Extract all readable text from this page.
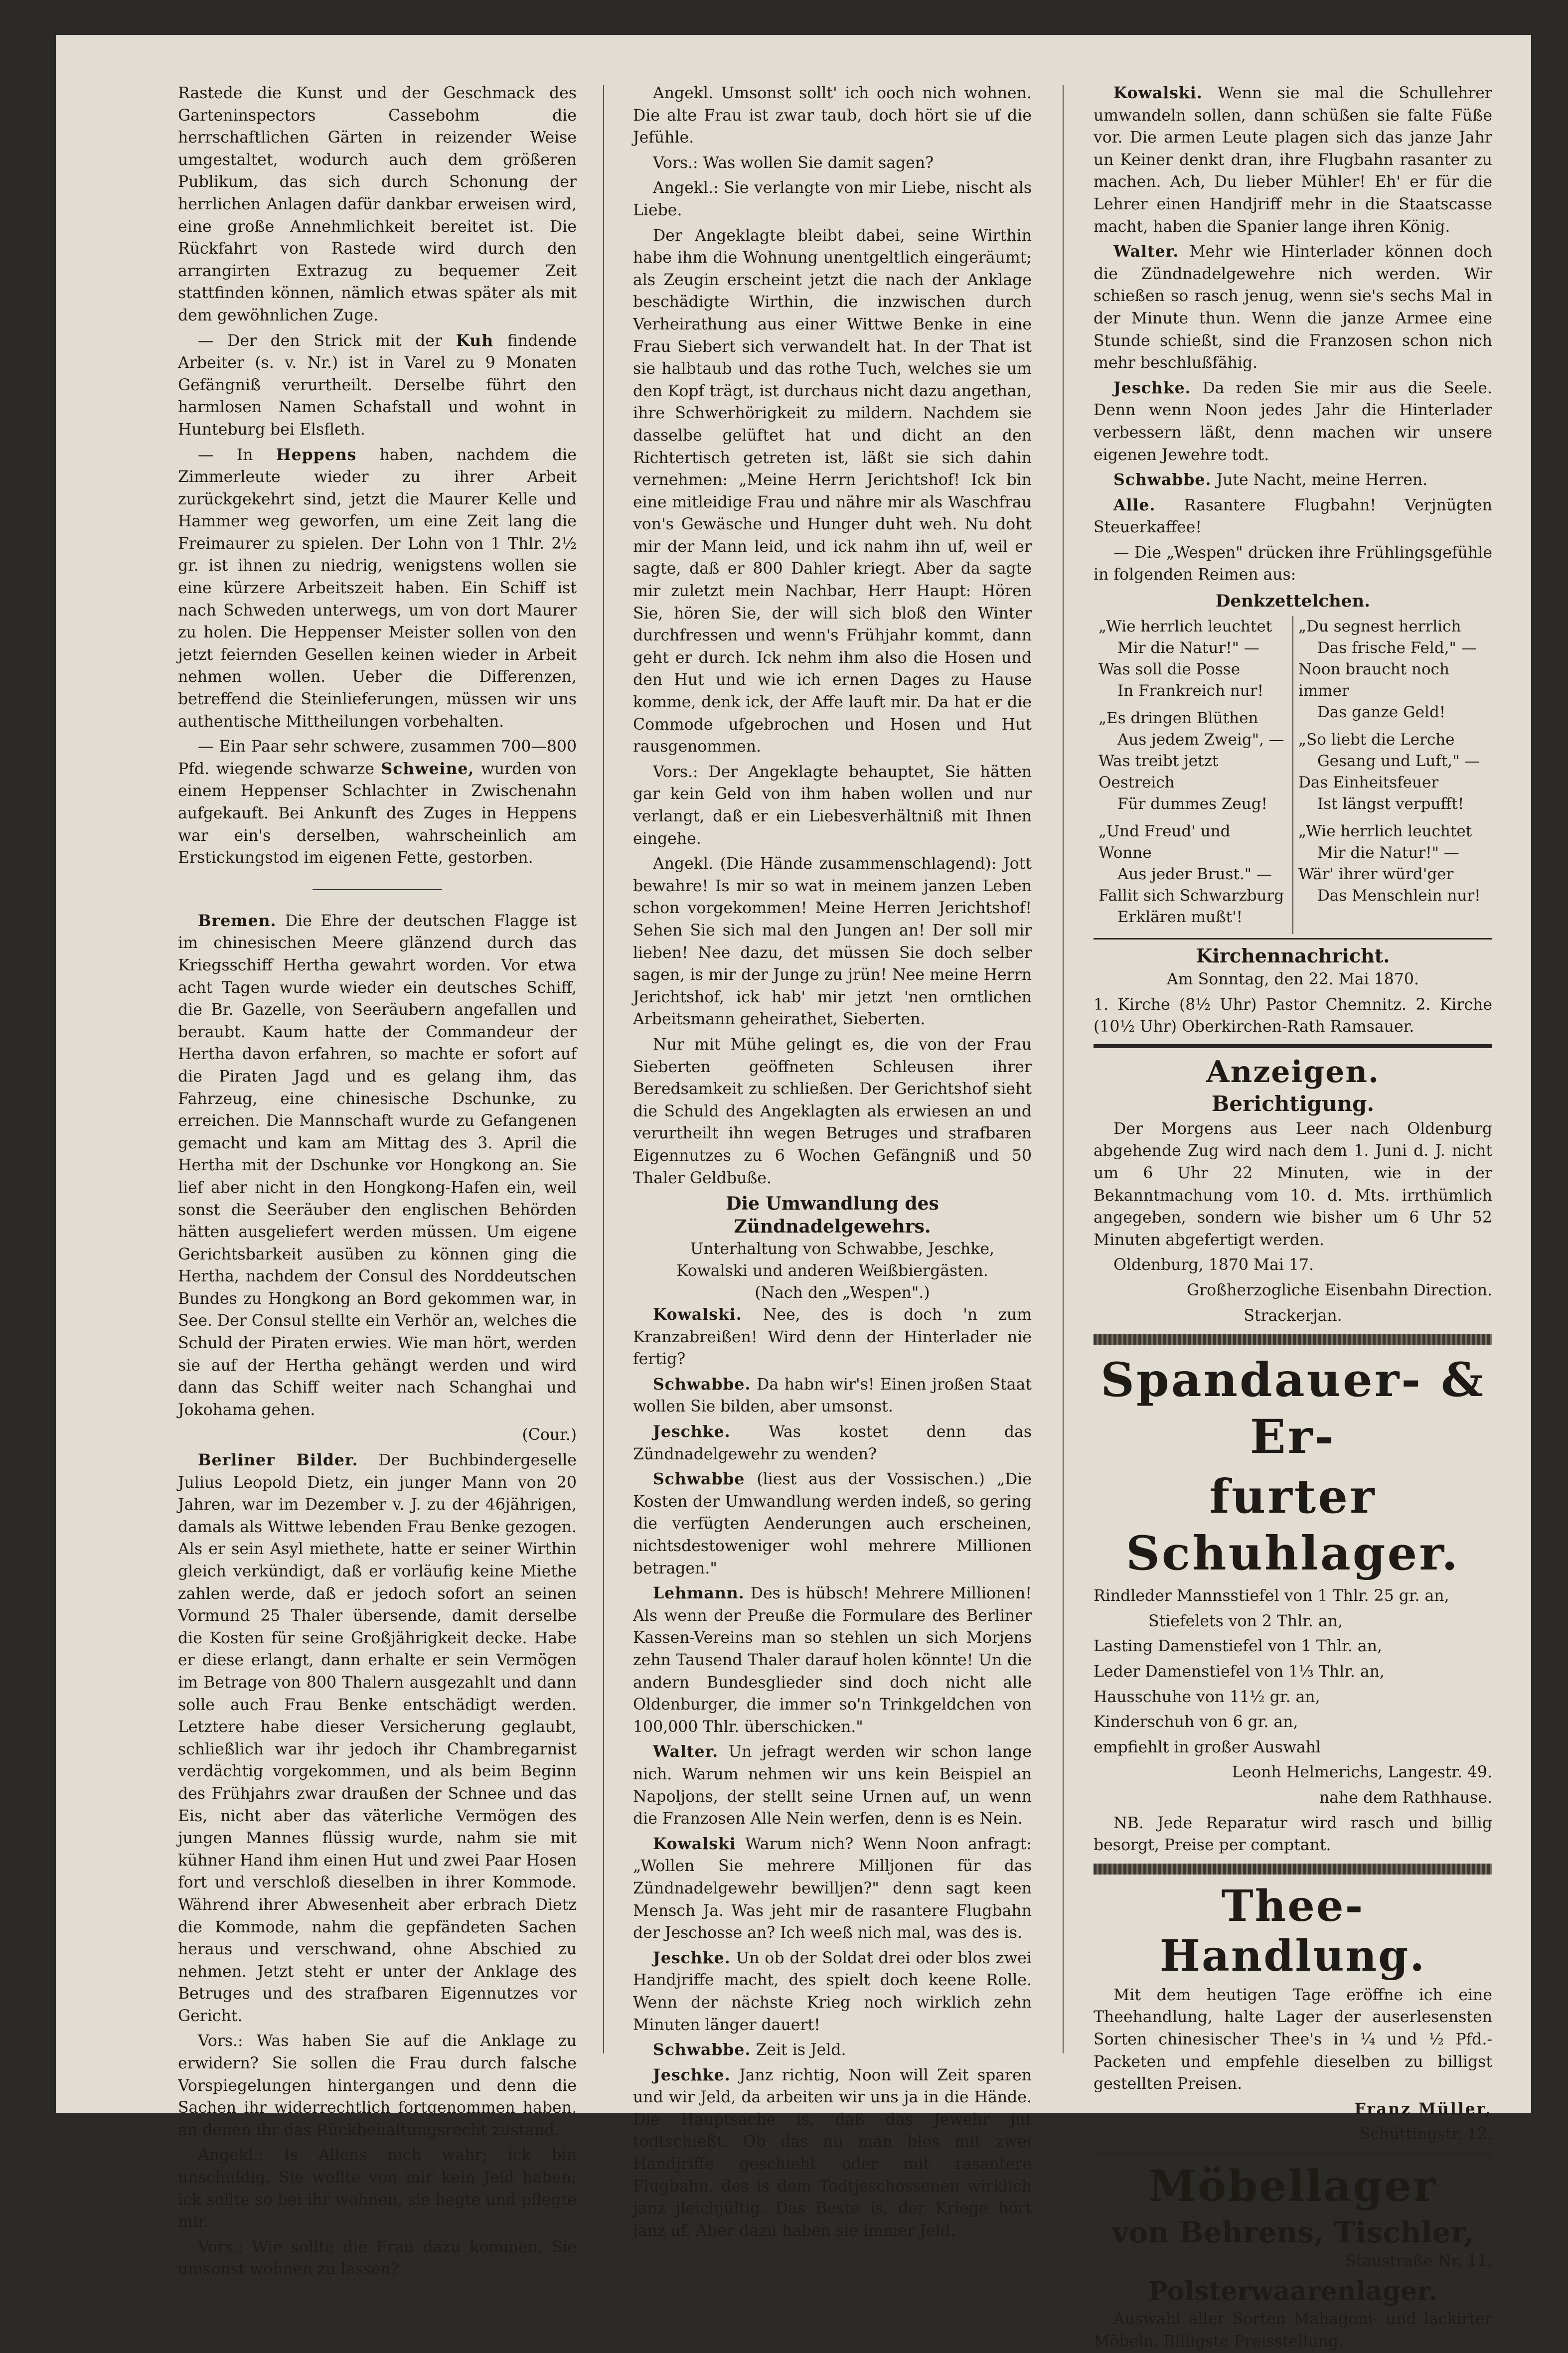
Rastede die Kunst und der Geschmack des Garteninspectors Cassebohm die herrschaftlichen Gärten in reizender Weise umgestaltet, wodurch auch dem größeren Publikum, das sich durch Schonung der herrlichen Anlagen dafür dankbar erweisen wird, eine große Annehmlichkeit bereitet ist. Die Rückfahrt von Rastede wird durch den arrangirten Extrazug zu bequemer Zeit stattfinden können, nämlich etwas später als mit dem gewöhnlichen Zuge.

— Der den Strick mit der Kuh findende Arbeiter (s. v. Nr.) ist in Varel zu 9 Monaten Gefängniß verurtheilt. Derselbe führt den harmlosen Namen Schafstall und wohnt in Hunteburg bei Elsfleth.

— In Heppens haben, nachdem die Zimmerleute wieder zu ihrer Arbeit zurückgekehrt sind, jetzt die Maurer Kelle und Hammer weg geworfen, um eine Zeit lang die Freimaurer zu spielen. Der Lohn von 1 Thlr. 2½ gr. ist ihnen zu niedrig, wenigstens wollen sie eine kürzere Arbeitszeit haben. Ein Schiff ist nach Schweden unterwegs, um von dort Maurer zu holen. Die Heppenser Meister sollen von den jetzt feiernden Gesellen keinen wieder in Arbeit nehmen wollen. Ueber die Differenzen, betreffend die Steinlieferungen, müssen wir uns authentische Mittheilungen vorbehalten.

— Ein Paar sehr schwere, zusammen 700—800 Pfd. wiegende schwarze Schweine, wurden von einem Heppenser Schlachter in Zwischenahn aufgekauft. Bei Ankunft des Zuges in Heppens war ein's derselben, wahrscheinlich am Erstickungstod im eigenen Fette, gestorben.

Bremen. Die Ehre der deutschen Flagge ist im chinesischen Meere glänzend durch das Kriegsschiff Hertha gewahrt worden. Vor etwa acht Tagen wurde wieder ein deutsches Schiff, die Br. Gazelle, von Seeräubern angefallen und beraubt. Kaum hatte der Commandeur der Hertha davon erfahren, so machte er sofort auf die Piraten Jagd und es gelang ihm, das Fahrzeug, eine chinesische Dschunke, zu erreichen. Die Mannschaft wurde zu Gefangenen gemacht und kam am Mittag des 3. April die Hertha mit der Dschunke vor Hongkong an. Sie lief aber nicht in den Hongkong-Hafen ein, weil sonst die Seeräuber den englischen Behörden hätten ausgeliefert werden müssen. Um eigene Gerichtsbarkeit ausüben zu können ging die Hertha, nachdem der Consul des Norddeutschen Bundes zu Hongkong an Bord gekommen war, in See. Der Consul stellte ein Verhör an, welches die Schuld der Piraten erwies. Wie man hört, werden sie auf der Hertha gehängt werden und wird dann das Schiff weiter nach Schanghai und Jokohama gehen.

(Cour.)

Berliner Bilder. Der Buchbindergeselle Julius Leopold Dietz, ein junger Mann von 20 Jahren, war im Dezember v. J. zu der 46jährigen, damals als Wittwe lebenden Frau Benke gezogen. Als er sein Asyl miethete, hatte er seiner Wirthin gleich verkündigt, daß er vorläufig keine Miethe zahlen werde, daß er jedoch sofort an seinen Vormund 25 Thaler übersende, damit derselbe die Kosten für seine Großjährigkeit decke. Habe er diese erlangt, dann erhalte er sein Vermögen im Betrage von 800 Thalern ausgezahlt und dann solle auch Frau Benke entschädigt werden. Letztere habe dieser Versicherung geglaubt, schließlich war ihr jedoch ihr Chambregarnist verdächtig vorgekommen, und als beim Beginn des Frühjahrs zwar draußen der Schnee und das Eis, nicht aber das väterliche Vermögen des jungen Mannes flüssig wurde, nahm sie mit kühner Hand ihm einen Hut und zwei Paar Hosen fort und verschloß dieselben in ihrer Kommode. Während ihrer Abwesenheit aber erbrach Dietz die Kommode, nahm die gepfändeten Sachen heraus und verschwand, ohne Abschied zu nehmen. Jetzt steht er unter der Anklage des Betruges und des strafbaren Eigennutzes vor Gericht.

Vors.: Was haben Sie auf die Anklage zu erwidern? Sie sollen die Frau durch falsche Vorspiegelungen hintergangen und denn die Sachen ihr widerrechtlich fortgenommen haben, an denen ihr das Rückbehaltungsrecht zustand.

Angekl.: Is Allens nich wahr; ick bin unschuldig. Sie wollte von mir kein Jeld haben; ick sollte so bei ihr wohnen, sie hegte und pflegte mir.

Vors.: Wie sollte die Frau dazu kommen, Sie umsonst wohnen zu lassen?

Angekl. Umsonst sollt' ich ooch nich wohnen. Die alte Frau ist zwar taub, doch hört sie uf die Jefühle.

Vors.: Was wollen Sie damit sagen?

Angekl.: Sie verlangte von mir Liebe, nischt als Liebe.

Der Angeklagte bleibt dabei, seine Wirthin habe ihm die Wohnung unentgeltlich eingeräumt; als Zeugin erscheint jetzt die nach der Anklage beschädigte Wirthin, die inzwischen durch Verheirathung aus einer Wittwe Benke in eine Frau Siebert sich verwandelt hat. In der That ist sie halbtaub und das rothe Tuch, welches sie um den Kopf trägt, ist durchaus nicht dazu angethan, ihre Schwerhörigkeit zu mildern. Nachdem sie dasselbe gelüftet hat und dicht an den Richtertisch getreten ist, läßt sie sich dahin vernehmen: „Meine Herrn Jerichtshof! Ick bin eine mitleidige Frau und nähre mir als Waschfrau von's Gewäsche und Hunger duht weh. Nu doht mir der Mann leid, und ick nahm ihn uf, weil er sagte, daß er 800 Dahler kriegt. Aber da sagte mir zuletzt mein Nachbar, Herr Haupt: Hören Sie, hören Sie, der will sich bloß den Winter durchfressen und wenn's Frühjahr kommt, dann geht er durch. Ick nehm ihm also die Hosen und den Hut und wie ich ernen Dages zu Hause komme, denk ick, der Affe lauft mir. Da hat er die Commode ufgebrochen und Hosen und Hut rausgenommen.

Vors.: Der Angeklagte behauptet, Sie hätten gar kein Geld von ihm haben wollen und nur verlangt, daß er ein Liebesverhältniß mit Ihnen eingehe.

Angekl. (Die Hände zusammenschlagend): Jott bewahre! Is mir so wat in meinem janzen Leben schon vorgekommen! Meine Herren Jerichtshof! Sehen Sie sich mal den Jungen an! Der soll mir lieben! Nee dazu, det müssen Sie doch selber sagen, is mir der Junge zu jrün! Nee meine Herrn Jerichtshof, ick hab' mir jetzt 'nen orntlichen Arbeitsmann geheirathet, Sieberten.

Nur mit Mühe gelingt es, die von der Frau Sieberten geöffneten Schleusen ihrer Beredsamkeit zu schließen. Der Gerichtshof sieht die Schuld des Angeklagten als erwiesen an und verurtheilt ihn wegen Betruges und strafbaren Eigennutzes zu 6 Wochen Gefängniß und 50 Thaler Geldbuße.

Die Umwandlung des Zündnadelgewehrs.

Unterhaltung von Schwabbe, Jeschke, Kowalski und anderen Weißbiergästen.

(Nach den „Wespen".)

Kowalski. Nee, des is doch 'n zum Kranzabreißen! Wird denn der Hinterlader nie fertig?

Schwabbe. Da habn wir's! Einen jroßen Staat wollen Sie bilden, aber umsonst.

Jeschke. Was kostet denn das Zündnadelgewehr zu wenden?

Schwabbe (liest aus der Vossischen.) „Die Kosten der Umwandlung werden indeß, so gering die verfügten Aenderungen auch erscheinen, nichtsdestoweniger wohl mehrere Millionen betragen."

Lehmann. Des is hübsch! Mehrere Millionen! Als wenn der Preuße die Formulare des Berliner Kassen-Vereins man so stehlen un sich Morjens zehn Tausend Thaler darauf holen könnte! Un die andern Bundesglieder sind doch nicht alle Oldenburger, die immer so'n Trinkgeldchen von 100,000 Thlr. überschicken."

Walter. Un jefragt werden wir schon lange nich. Warum nehmen wir uns kein Beispiel an Napoljons, der stellt seine Urnen auf, un wenn die Franzosen Alle Nein werfen, denn is es Nein.

Kowalski Warum nich? Wenn Noon anfragt: „Wollen Sie mehrere Milljonen für das Zündnadelgewehr bewilljen?" denn sagt keen Mensch Ja. Was jeht mir de rasantere Flugbahn der Jeschosse an? Ich weeß nich mal, was des is.

Jeschke. Un ob der Soldat drei oder blos zwei Handjriffe macht, des spielt doch keene Rolle. Wenn der nächste Krieg noch wirklich zehn Minuten länger dauert!

Schwabbe. Zeit is Jeld.

Jeschke. Janz richtig, Noon will Zeit sparen und wir Jeld, da arbeiten wir uns ja in die Hände. Die Hauptsache is, daß das Jewehr jut todtschießt. Ob das nu man blos mit zwei Handjriffe geschieht oder mit rasantere Flugbahn, des is dem Todtjeschossenen wirklich janz jleichjültig. Das Beste is, der Kriege hört janz uf. Aber dazu haben sie immer Jeld.

Kowalski. Wenn sie mal die Schullehrer umwandeln sollen, dann schüßen sie falte Füße vor. Die armen Leute plagen sich das janze Jahr un Keiner denkt dran, ihre Flugbahn rasanter zu machen. Ach, Du lieber Mühler! Eh' er für die Lehrer einen Handjriff mehr in die Staatscasse macht, haben die Spanier lange ihren König.

Walter. Mehr wie Hinterlader können doch die Zündnadelgewehre nich werden. Wir schießen so rasch jenug, wenn sie's sechs Mal in der Minute thun. Wenn die janze Armee eine Stunde schießt, sind die Franzosen schon nich mehr beschlußfähig.

Jeschke. Da reden Sie mir aus die Seele. Denn wenn Noon jedes Jahr die Hinterlader verbessern läßt, denn machen wir unsere eigenen Jewehre todt.

Schwabbe. Jute Nacht, meine Herren.

Alle. Rasantere Flugbahn! Verjnügten Steuerkaffee!

— Die „Wespen" drücken ihre Frühlingsgefühle in folgenden Reimen aus:

Denkzettelchen.
„Wie herrlich leuchtet
Mir die Natur!" —
Was soll die Posse
In Frankreich nur!
„Es dringen Blüthen
Aus jedem Zweig", —
Was treibt jetzt Oestreich
Für dummes Zeug!
„Und Freud' und Wonne
Aus jeder Brust." —
Fallit sich Schwarzburg
Erklären mußt'!
„Du segnest herrlich
Das frische Feld," —
Noon braucht noch immer
Das ganze Geld!
„So liebt die Lerche
Gesang und Luft," —
Das Einheitsfeuer
Ist längst verpufft!
„Wie herrlich leuchtet
Mir die Natur!" —
Wär' ihrer würd'ger
Das Menschlein nur!
Kirchennachricht.

Am Sonntag, den 22. Mai 1870.

1. Kirche (8½ Uhr) Pastor Chemnitz. 2. Kirche (10½ Uhr) Oberkirchen-Rath Ramsauer.

Anzeigen.
Berichtigung.

Der Morgens aus Leer nach Oldenburg abgehende Zug wird nach dem 1. Juni d. J. nicht um 6 Uhr 22 Minuten, wie in der Bekanntmachung vom 10. d. Mts. irrthümlich angegeben, sondern wie bisher um 6 Uhr 52 Minuten abgefertigt werden.

Oldenburg, 1870 Mai 17.

Großherzogliche Eisenbahn Direction.

Strackerjan.

Spandauer- & Er-
furter Schuhlager.

Rindleder Mannsstiefel von 1 Thlr. 25 gr. an,

Stiefelets von 2 Thlr. an,

Lasting Damenstiefel von 1 Thlr. an,

Leder Damenstiefel von 1⅓ Thlr. an,

Hausschuhe von 11½ gr. an,

Kinderschuh von 6 gr. an,

empfiehlt in großer Auswahl

Leonh Helmerichs, Langestr. 49.

nahe dem Rathhause.

NB. Jede Reparatur wird rasch und billig besorgt, Preise per comptant.

Thee-Handlung.

Mit dem heutigen Tage eröffne ich eine Theehandlung, halte Lager der auserlesensten Sorten chinesischer Thee's in ¼ und ½ Pfd.-Packeten und empfehle dieselben zu billigst gestellten Preisen.

Franz Müller,

Schüttingstr. 12.

Möbellager
von Behrens, Tischler,

Staustraße Nr. 11.

Polsterwaarenlager.

Auswahl aller Sorten Mahagoni- und lackirter Möbeln. Billigste Preisstellung.
